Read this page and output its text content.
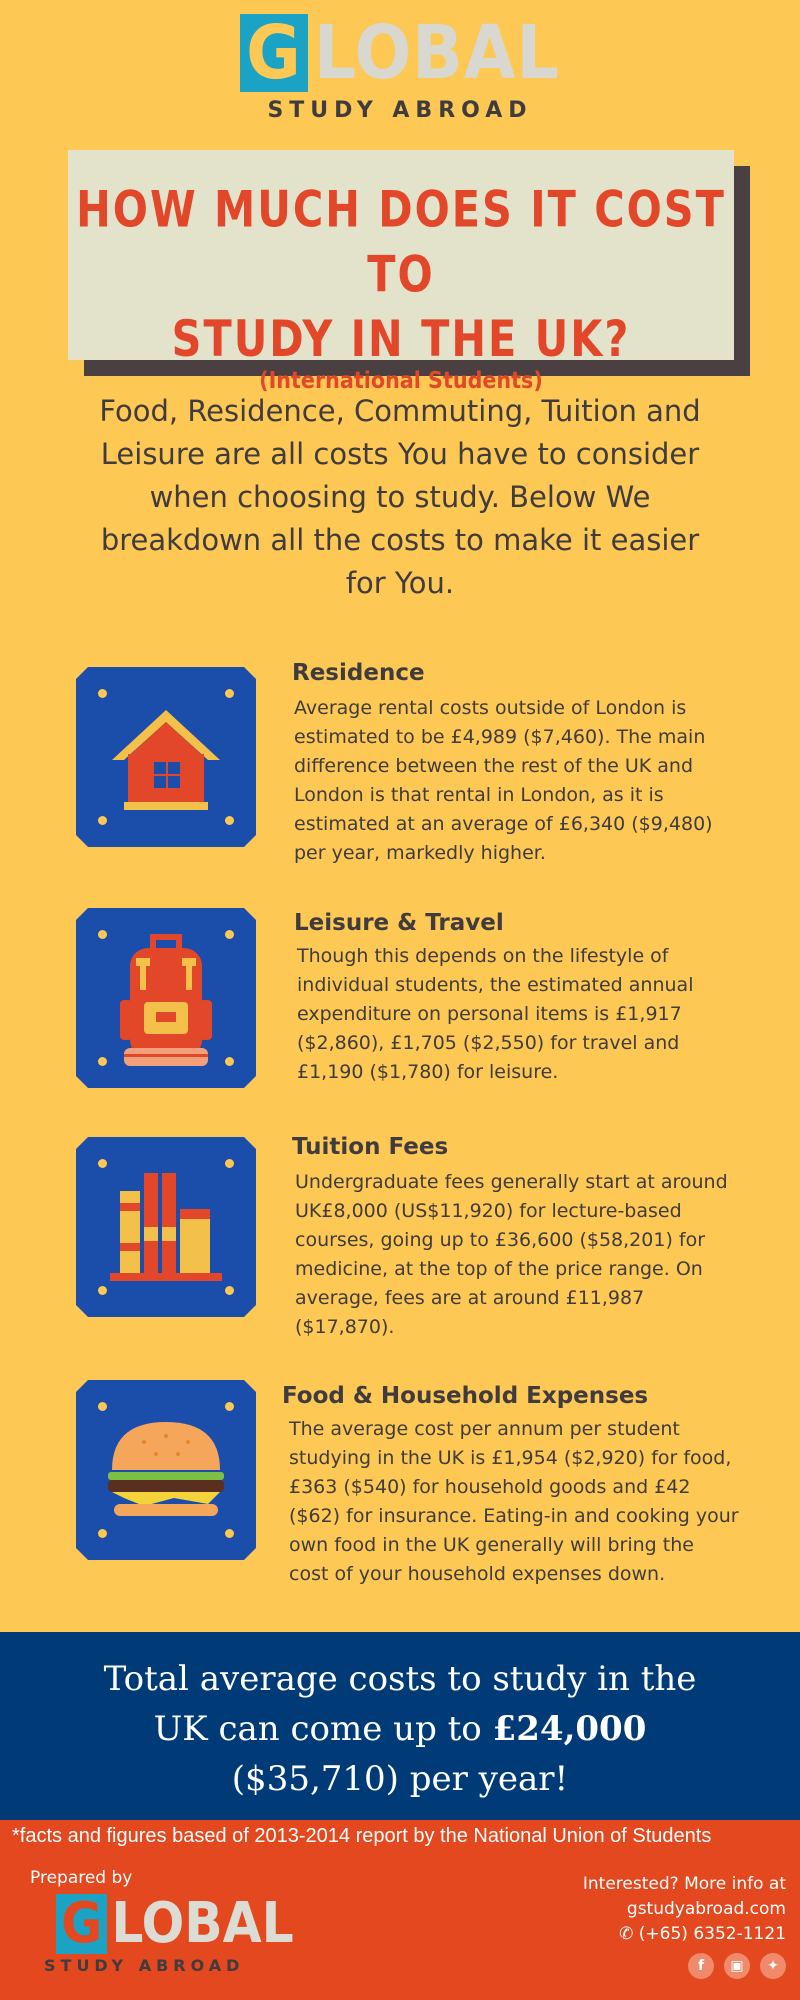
G LOBAL
STUDY ABROAD
HOW MUCH DOES IT COST TO
STUDY IN THE UK?
(International Students)
Food, Residence, Commuting, Tuition and Leisure are all costs You have to consider when choosing to study. Below We breakdown all the costs to make it easier for You.
Residence
Average rental costs outside of London is estimated to be £4,989 ($7,460). The main difference between the rest of the UK and London is that rental in London, as it is estimated at an average of £6,340 ($9,480) per year, markedly higher.
Leisure & Travel
Though this depends on the lifestyle of individual students, the estimated annual expenditure on personal items is £1,917 ($2,860), £1,705 ($2,550) for travel and £1,190 ($1,780) for leisure.
Tuition Fees
Undergraduate fees generally start at around UK£8,000 (US$11,920) for lecture-based courses, going up to £36,600 ($58,201) for medicine, at the top of the price range. On average, fees are at around £11,987 ($17,870).
Food & Household Expenses
The average cost per annum per student studying in the UK is £1,954 ($2,920) for food, £363 ($540) for household goods and £42 ($62) for insurance. Eating-in and cooking your own food in the UK generally will bring the cost of your household expenses down.
Total average costs to study in the
UK can come up to £24,000
($35,710) per year!
*facts and figures based of 2013-2014 report by the National Union of Students
Prepared by
G LOBAL
STUDY ABROAD
Interested? More info at
gstudyabroad.com
✆ (+65) 6352-1121
f	▣	✦
